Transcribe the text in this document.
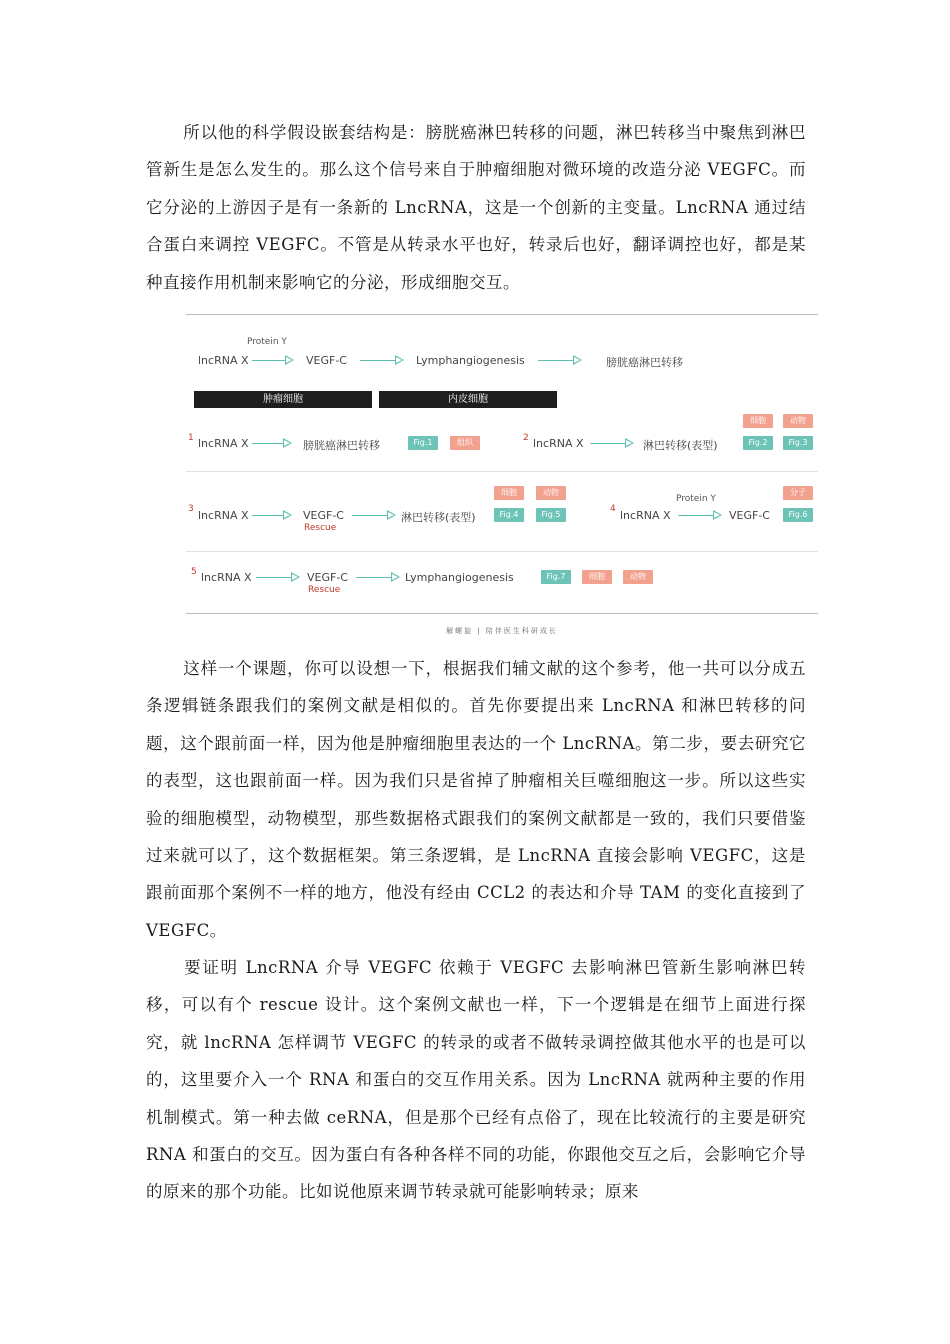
所以他的科学假设嵌套结构是：膀胱癌淋巴转移的问题，淋巴转移当中聚焦到淋巴管新生是怎么发生的。那么这个信号来自于肿瘤细胞对微环境的改造分泌 VEGFC。而它分泌的上游因子是有一条新的 LncRNA，这是一个创新的主变量。LncRNA 通过结合蛋白来调控 VEGFC。不管是从转录水平也好，转录后也好，翻译调控也好，都是某种直接作用机制来影响它的分泌，形成细胞交互。

Protein Y
lncRNA X	VEGF-C	Lymphangiogenesis	膀胱癌淋巴转移
肿瘤细胞	内皮细胞
细胞	动物
1 lncRNA X	膀胱癌淋巴转移	Fig.1	组织	2 lncRNA X	淋巴转移(表型)	Fig.2	Fig.3
细胞	动物	分子
3 lncRNA X	VEGF-C
Rescue
淋巴转移(表型)	Fig.4	Fig.5
Protein Y
4 lncRNA X	VEGF-C	Fig.6
5 lncRNA X	VEGF-C
Rescue
Lymphangiogenesis	Fig.7	细胞	动物
解螺旋 | 陪伴医生科研成长

这样一个课题，你可以设想一下，根据我们辅文献的这个参考，他一共可以分成五条逻辑链条跟我们的案例文献是相似的。首先你要提出来 LncRNA 和淋巴转移的问题，这个跟前面一样，因为他是肿瘤细胞里表达的一个 LncRNA。第二步，要去研究它的表型，这也跟前面一样。因为我们只是省掉了肿瘤相关巨噬细胞这一步。所以这些实验的细胞模型，动物模型，那些数据格式跟我们的案例文献都是一致的，我们只要借鉴过来就可以了，这个数据框架。第三条逻辑，是 LncRNA 直接会影响 VEGFC，这是跟前面那个案例不一样的地方，他没有经由 CCL2 的表达和介导 TAM 的变化直接到了 VEGFC。

要证明 LncRNA 介导 VEGFC 依赖于 VEGFC 去影响淋巴管新生影响淋巴转移，可以有个 rescue 设计。这个案例文献也一样，下一个逻辑是在细节上面进行探究，就 lncRNA 怎样调节 VEGFC 的转录的或者不做转录调控做其他水平的也是可以的，这里要介入一个 RNA 和蛋白的交互作用关系。因为 LncRNA 就两种主要的作用机制模式。第一种去做 ceRNA，但是那个已经有点俗了，现在比较流行的主要是研究 RNA 和蛋白的交互。因为蛋白有各种各样不同的功能，你跟他交互之后，会影响它介导的原来的那个功能。比如说他原来调节转录就可能影响转录；原来
